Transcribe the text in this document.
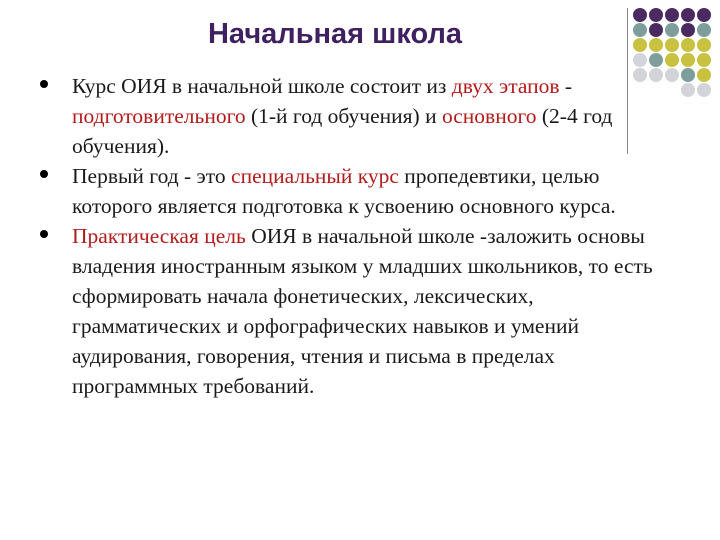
Начальная школа

Курс ОИЯ в начальной школе состоит из двух этапов - подготовительного (1-й год обучения) и основного (2-4 год обучения).

Первый год - это специальный курс пропедевтики, целью которого является подготовка к усвоению основного курса.

Практическая цель ОИЯ в начальной школе -заложить основы владения иностранным языком у младших школьников, то есть сформировать начала фонетических, лексических, грамматических и орфографических навыков и умений аудирования, говорения, чтения и письма в пределах программных требований.
